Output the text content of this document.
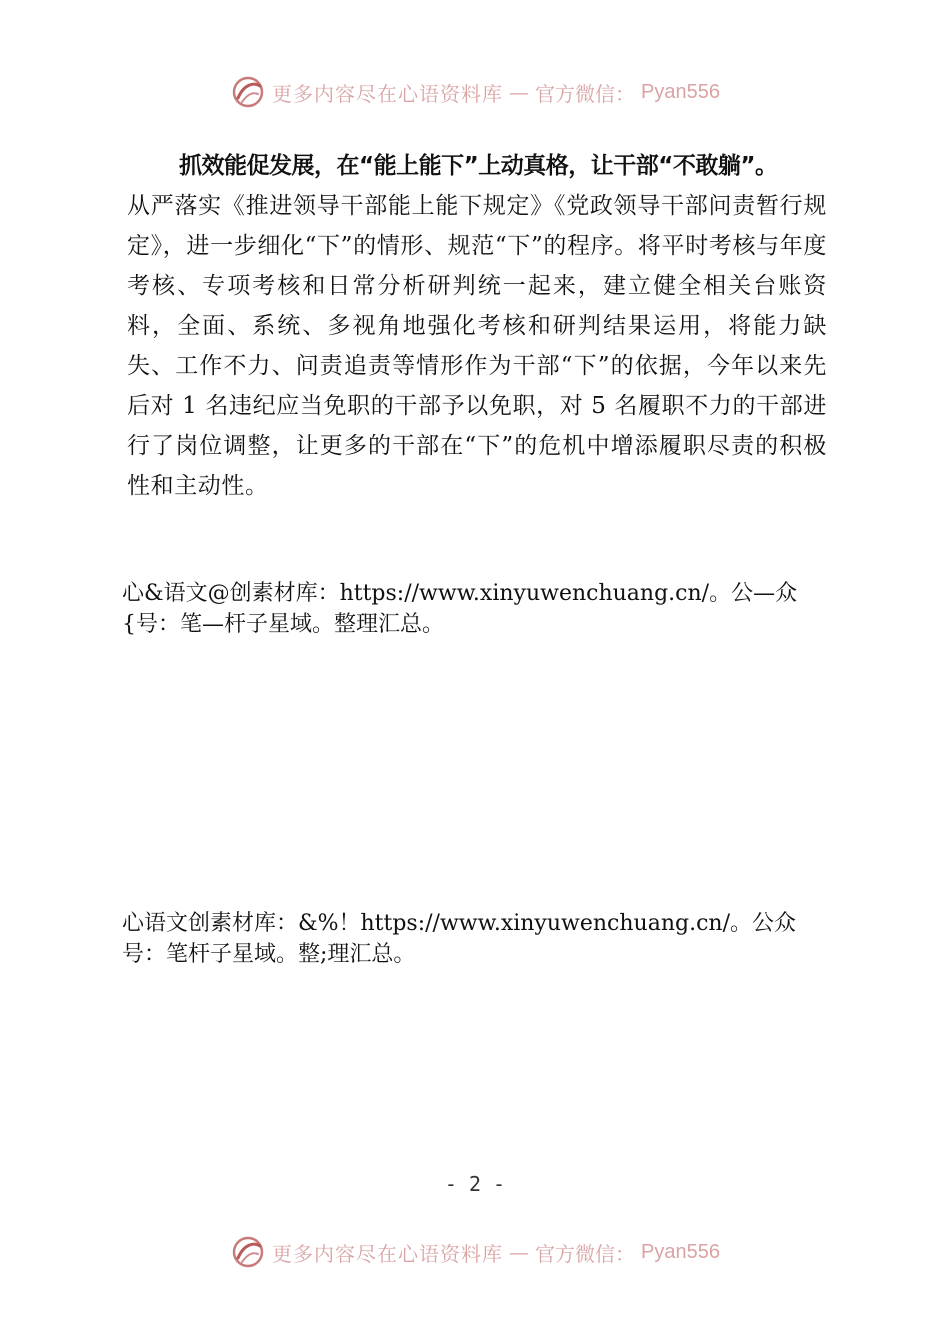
更多内容尽在心语资料库 — 官方微信： Pyan556

抓效能促发展，在“能上能下”上动真格，让干部“不敢躺”。
从严落实《推进领导干部能上能下规定》《党政领导干部问责暂行规定》，进一步细化“下”的情形、规范“下”的程序。将平时考核与年度考核、专项考核和日常分析研判统一起来，建立健全相关台账资料，全面、系统、多视角地强化考核和研判结果运用，将能力缺失、工作不力、问责追责等情形作为干部“下”的依据，今年以来先后对 1 名违纪应当免职的干部予以免职，对 5 名履职不力的干部进行了岗位调整，让更多的干部在“下”的危机中增添履职尽责的积极性和主动性。

心&语文@创素材库：https://www.xinyuwenchuang.cn/。公—众{号：笔—杆子星域。整理汇总。

心语文创素材库：&%！https://www.xinyuwenchuang.cn/。公众号：笔杆子星域。整;理汇总。

- 2 -
更多内容尽在心语资料库 — 官方微信： Pyan556
